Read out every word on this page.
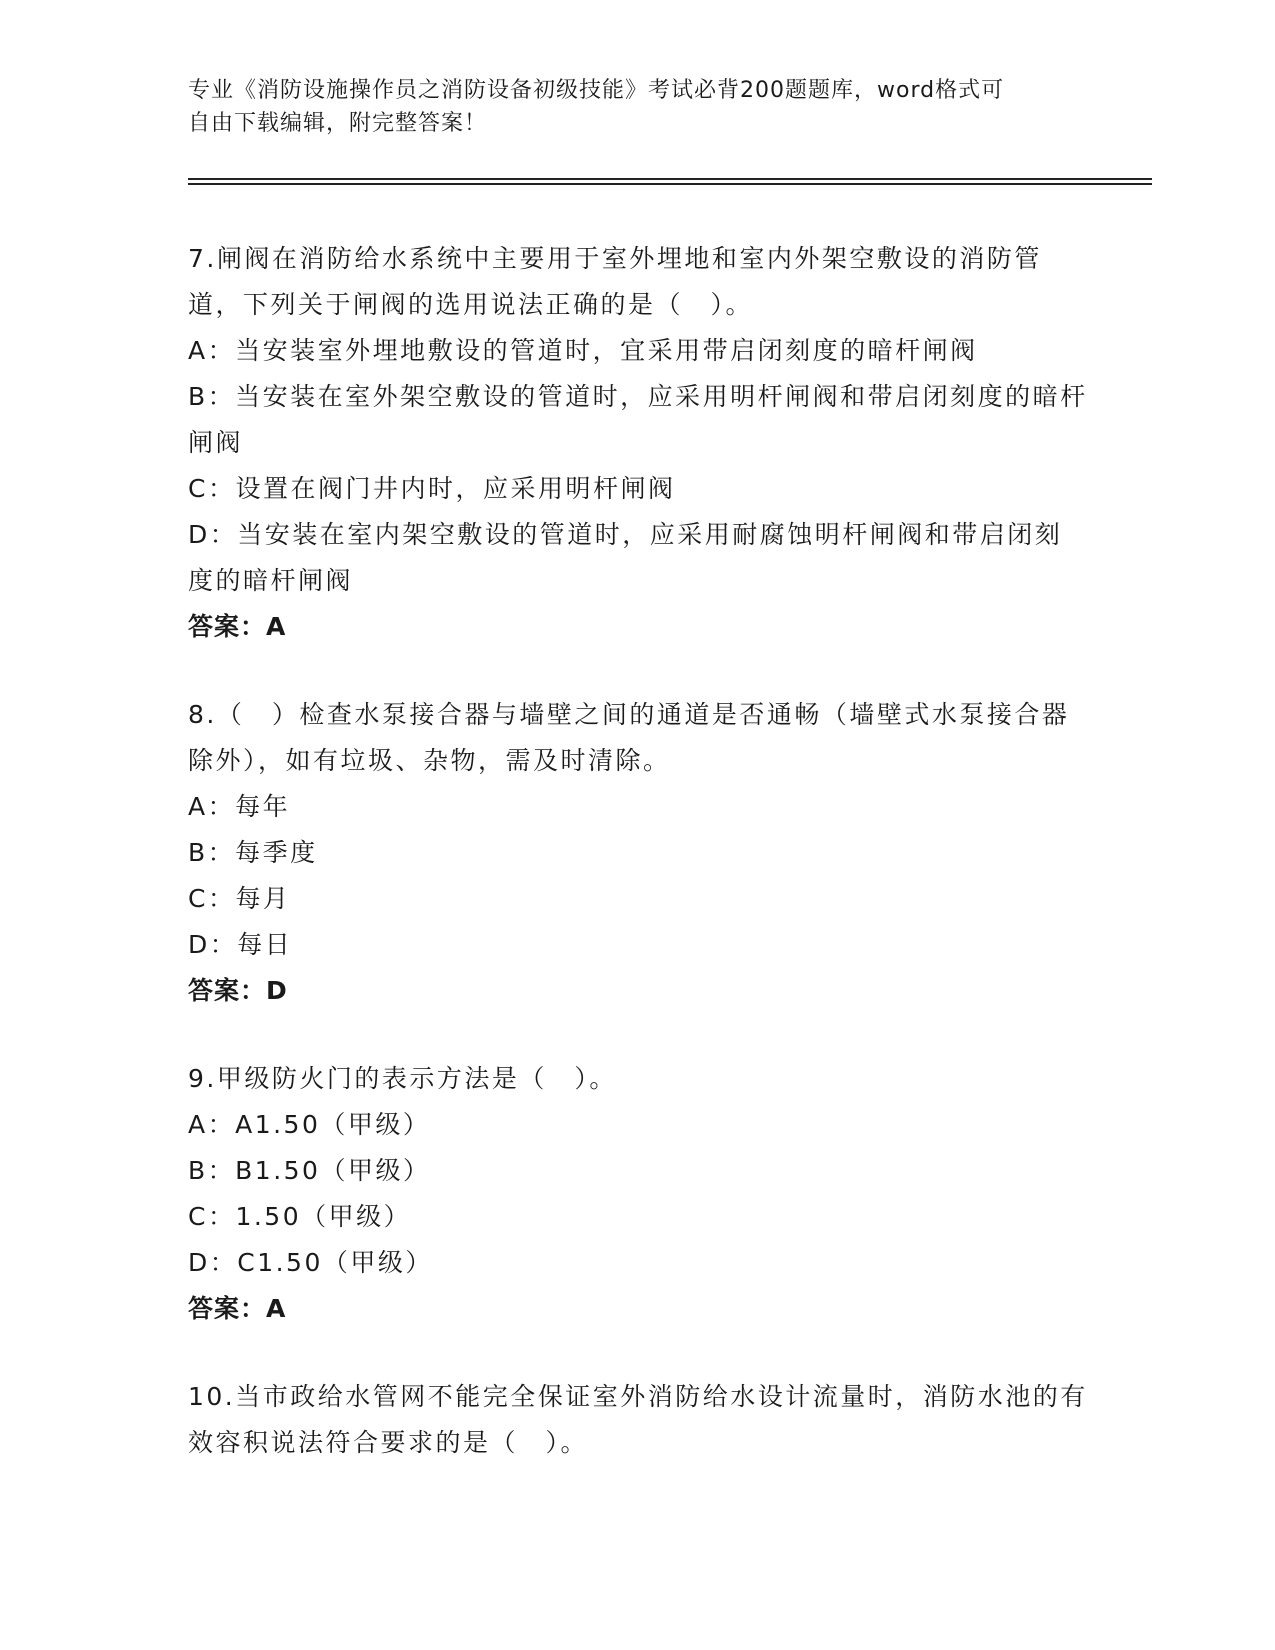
专业《消防设施操作员之消防设备初级技能》考试必背200题题库，word格式可

自由下载编辑，附完整答案！

7.闸阀在消防给水系统中主要用于室外埋地和室内外架空敷设的消防管道，下列关于闸阀的选用说法正确的是（　）。

A：当安装室外埋地敷设的管道时，宜采用带启闭刻度的暗杆闸阀

B：当安装在室外架空敷设的管道时，应采用明杆闸阀和带启闭刻度的暗杆闸阀

C：设置在阀门井内时，应采用明杆闸阀

D：当安装在室内架空敷设的管道时，应采用耐腐蚀明杆闸阀和带启闭刻度的暗杆闸阀

答案：A

8.（　）检查水泵接合器与墙壁之间的通道是否通畅（墙壁式水泵接合器除外），如有垃圾、杂物，需及时清除。

A：每年

B：每季度

C：每月

D：每日

答案：D

9.甲级防火门的表示方法是（　）。

A：A1.50（甲级）

B：B1.50（甲级）

C：1.50（甲级）

D：C1.50（甲级）

答案：A

10.当市政给水管网不能完全保证室外消防给水设计流量时，消防水池的有效容积说法符合要求的是（　）。
